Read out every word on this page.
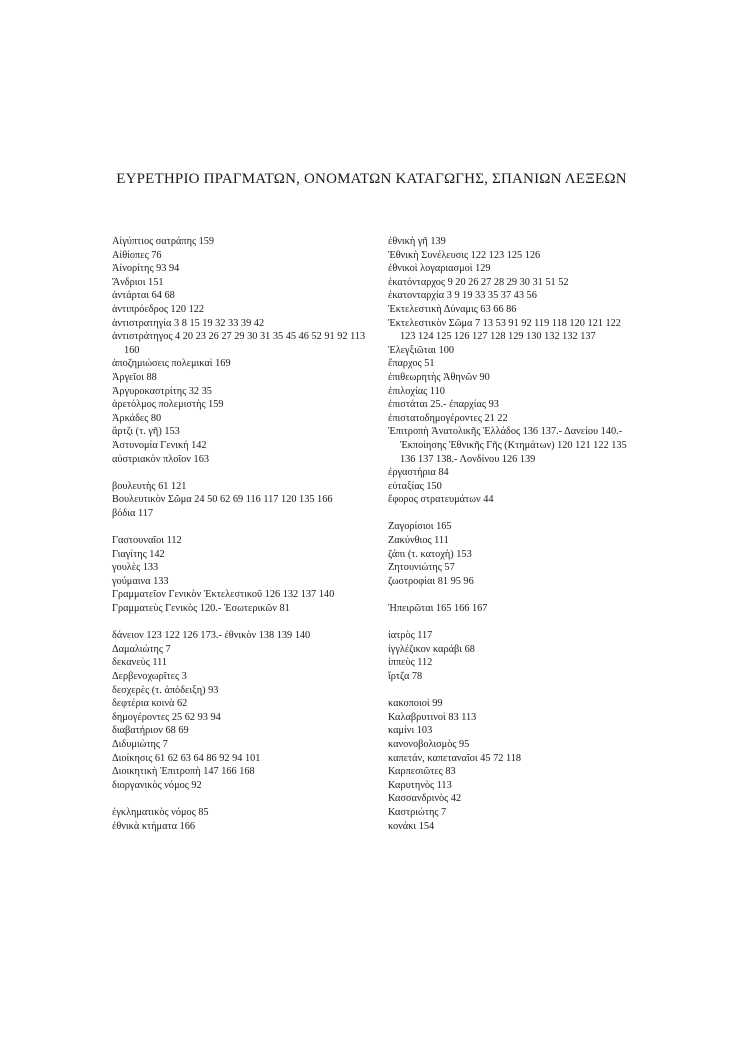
ΕΥΡΕΤΗΡΙΟ ΠΡΑΓΜΑΤΩΝ, ΟΝΟΜΑΤΩΝ ΚΑΤΑΓΩΓΗΣ, ΣΠΑΝΙΩΝ ΛΕΞΕΩΝ
Αἰγύπτιος σατράπης 159
Αἰθίοπες 76
Ἁίνορίτης 93 94
Ἄνδριοι 151
ἀντάρται 64 68
ἀντιπρόεδρος 120 122
ἀντιστρατηγία 3 8 15 19 32 33 39 42
ἀντιστράτηγος 4 20 23 26 27 29 30 31 35 45 46 52 91 92 113 160
ἀποζημιώσεις πολεμικαὶ 169
Ἀργεῖοι 88
Ἀργυροκαστρίτης 32 35
ἀρετόλμος πολεμιστὴς 159
Ἀρκάδες 80
ἄρτζι (τ. γῆ) 153
Ἀστυνομία Γενική 142
αὐστριακὸν πλοῖον 163
βουλευτὴς 61 121
Βουλευτικὸν Σῶμα 24 50 62 69 116 117 120 135 166
βόδια 117
Γαστουναῖοι 112
Γιαγίτης 142
γουλὲς 133
γούμαινα 133
Γραμματεῖον Γενικὸν Ἐκτελεστικοῦ 126 132 137 140
Γραμματεὺς Γενικὸς 120.- Ἐσωτερικῶν 81
δάνειον 123 122 126 173.- ἐθνικὸν 138 139 140
Δαμαλιώτης 7
δεκανεὺς 111
Δερβενοχωρῖτες 3
δεσχερὲς (τ. ἀπόδειξη) 93
δεφτέρια κοινὰ 62
δημογέροντες 25 62 93 94
διαβατήριον 68 69
Διδυμιώτης 7
Διοίκησις 61 62 63 64 86 92 94 101
Διοικητικὴ Ἐπιτροπὴ 147 166 168
διοργανικὸς νόμος 92
ἐγκληματικὸς νόμος 85
ἐθνικὰ κτήματα 166
ἐθνικὴ γῆ 139
Ἐθνικὴ Συνέλευσις 122 123 125 126
ἐθνικοὶ λογαριασμοὶ 129
ἑκατόνταρχος 9 20 26 27 28 29 30 31 51 52
ἑκατονταρχία 3 9 19 33 35 37 43 56
Ἐκτελεστικὴ Δύναμις 63 66 86
Ἐκτελεστικὸν Σῶμα 7 13 53 91 92 119 118 120 121 122 123 124 125 126 127 128 129 130 132 132 137
Ἐλεγξιῶται 100
ἔπαρχος 51
ἐπιθεωρητὴς Ἀθηνῶν 90
ἐπιλοχίας 110
ἐπιστάται 25.- ἐπαρχίας 93
ἐπιστατοδημογέροντες 21 22
Ἐπιτροπὴ Ἀνατολικῆς Ἑλλάδος 136 137.- Δανείου 140.- Ἐκποίησης Ἐθνικῆς Γῆς (Κτημάτων) 120 121 122 135 136 137 138.- Λονδίνου 126 139
ἐργαστήρια 84
εὐταξίας 150
ἔφορος στρατευμάτων 44
Ζαγορίσιοι 165
Ζακύνθιος 111
ζάπι (τ. κατοχὴ) 153
Ζητουνιώτης 57
ζωοτροφίαι 81 95 96
Ἠπειρῶται 165 166 167
ἰατρὸς 117
ἰγγλέζικον καράβι 68
ἱππεὺς 112
ἴρτζα 78
κακοποιοὶ 99
Καλαβρυτινοὶ 83 113
καμίνι 103
κανονοβολισμὸς 95
καπετάν, καπεταναῖοι 45 72 118
Καρπεσιῶτες 83
Καρυτηνὸς 113
Κασσανδρινὸς 42
Καστριώτης 7
κονάκι 154
